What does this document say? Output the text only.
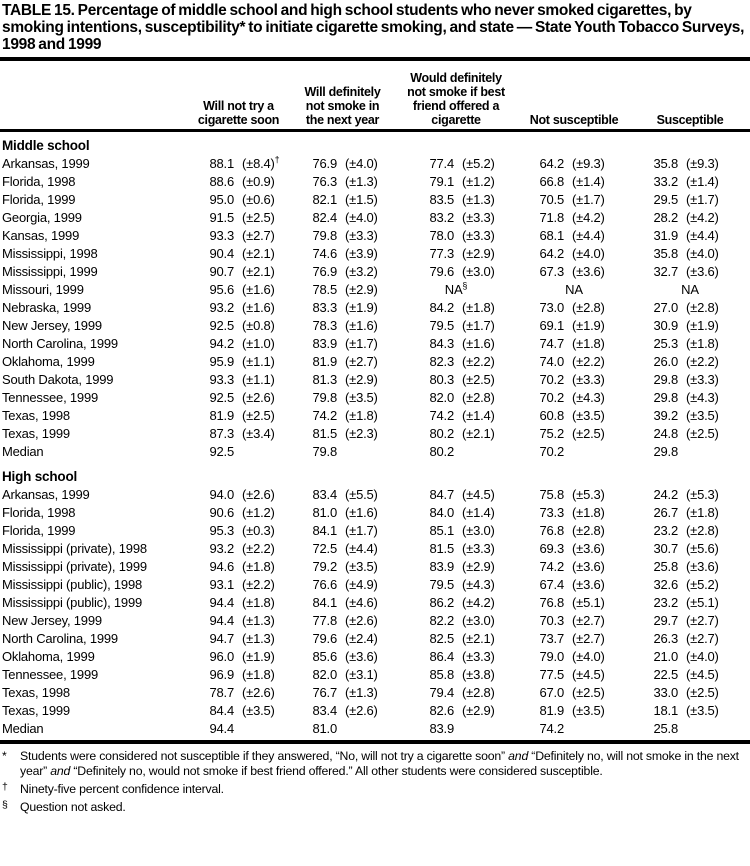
TABLE 15. Percentage of middle school and high school students who never smoked cigarettes, by smoking intentions, susceptibility* to initiate cigarette smoking, and state — State Youth Tobacco Surveys, 1998 and 1999
	Will not try a cigarette soon		Will definitely not smoke in the next year		Would definitely not smoke if best friend offered a cigarette		Not susceptible		Susceptible	
Middle school										
Arkansas, 1999	88.1	(±8.4)†	76.9	(±4.0)	77.4	(±5.2)	64.2	(±9.3)	35.8	(±9.3)
Florida, 1998	88.6	(±0.9)	76.3	(±1.3)	79.1	(±1.2)	66.8	(±1.4)	33.2	(±1.4)
Florida, 1999	95.0	(±0.6)	82.1	(±1.5)	83.5	(±1.3)	70.5	(±1.7)	29.5	(±1.7)
Georgia, 1999	91.5	(±2.5)	82.4	(±4.0)	83.2	(±3.3)	71.8	(±4.2)	28.2	(±4.2)
Kansas, 1999	93.3	(±2.7)	79.8	(±3.3)	78.0	(±3.3)	68.1	(±4.4)	31.9	(±4.4)
Mississippi, 1998	90.4	(±2.1)	74.6	(±3.9)	77.3	(±2.9)	64.2	(±4.0)	35.8	(±4.0)
Mississippi, 1999	90.7	(±2.1)	76.9	(±3.2)	79.6	(±3.0)	67.3	(±3.6)	32.7	(±3.6)
Missouri, 1999	95.6	(±1.6)	78.5	(±2.9)	NA§		NA		NA	
Nebraska, 1999	93.2	(±1.6)	83.3	(±1.9)	84.2	(±1.8)	73.0	(±2.8)	27.0	(±2.8)
New Jersey, 1999	92.5	(±0.8)	78.3	(±1.6)	79.5	(±1.7)	69.1	(±1.9)	30.9	(±1.9)
North Carolina, 1999	94.2	(±1.0)	83.9	(±1.7)	84.3	(±1.6)	74.7	(±1.8)	25.3	(±1.8)
Oklahoma, 1999	95.9	(±1.1)	81.9	(±2.7)	82.3	(±2.2)	74.0	(±2.2)	26.0	(±2.2)
South Dakota, 1999	93.3	(±1.1)	81.3	(±2.9)	80.3	(±2.5)	70.2	(±3.3)	29.8	(±3.3)
Tennessee, 1999	92.5	(±2.6)	79.8	(±3.5)	82.0	(±2.8)	70.2	(±4.3)	29.8	(±4.3)
Texas, 1998	81.9	(±2.5)	74.2	(±1.8)	74.2	(±1.4)	60.8	(±3.5)	39.2	(±3.5)
Texas, 1999	87.3	(±3.4)	81.5	(±2.3)	80.2	(±2.1)	75.2	(±2.5)	24.8	(±2.5)
Median	92.5		79.8		80.2		70.2		29.8	
High school										
Arkansas, 1999	94.0	(±2.6)	83.4	(±5.5)	84.7	(±4.5)	75.8	(±5.3)	24.2	(±5.3)
Florida, 1998	90.6	(±1.2)	81.0	(±1.6)	84.0	(±1.4)	73.3	(±1.8)	26.7	(±1.8)
Florida, 1999	95.3	(±0.3)	84.1	(±1.7)	85.1	(±3.0)	76.8	(±2.8)	23.2	(±2.8)
Mississippi (private), 1998	93.2	(±2.2)	72.5	(±4.4)	81.5	(±3.3)	69.3	(±3.6)	30.7	(±5.6)
Mississippi (private), 1999	94.6	(±1.8)	79.2	(±3.5)	83.9	(±2.9)	74.2	(±3.6)	25.8	(±3.6)
Mississippi (public), 1998	93.1	(±2.2)	76.6	(±4.9)	79.5	(±4.3)	67.4	(±3.6)	32.6	(±5.2)
Mississippi (public), 1999	94.4	(±1.8)	84.1	(±4.6)	86.2	(±4.2)	76.8	(±5.1)	23.2	(±5.1)
New Jersey, 1999	94.4	(±1.3)	77.8	(±2.6)	82.2	(±3.0)	70.3	(±2.7)	29.7	(±2.7)
North Carolina, 1999	94.7	(±1.3)	79.6	(±2.4)	82.5	(±2.1)	73.7	(±2.7)	26.3	(±2.7)
Oklahoma, 1999	96.0	(±1.9)	85.6	(±3.6)	86.4	(±3.3)	79.0	(±4.0)	21.0	(±4.0)
Tennessee, 1999	96.9	(±1.8)	82.0	(±3.1)	85.8	(±3.8)	77.5	(±4.5)	22.5	(±4.5)
Texas, 1998	78.7	(±2.6)	76.7	(±1.3)	79.4	(±2.8)	67.0	(±2.5)	33.0	(±2.5)
Texas, 1999	84.4	(±3.5)	83.4	(±2.6)	82.6	(±2.9)	81.9	(±3.5)	18.1	(±3.5)
Median	94.4		81.0		83.9		74.2		25.8	
*	Students were considered not susceptible if they answered, “No, will not try a cigarette soon” and “Definitely no, will not smoke in the next year” and “Definitely no, would not smoke if best friend offered.” All other students were considered susceptible.
†	Ninety-five percent confidence interval.
§	Question not asked.
